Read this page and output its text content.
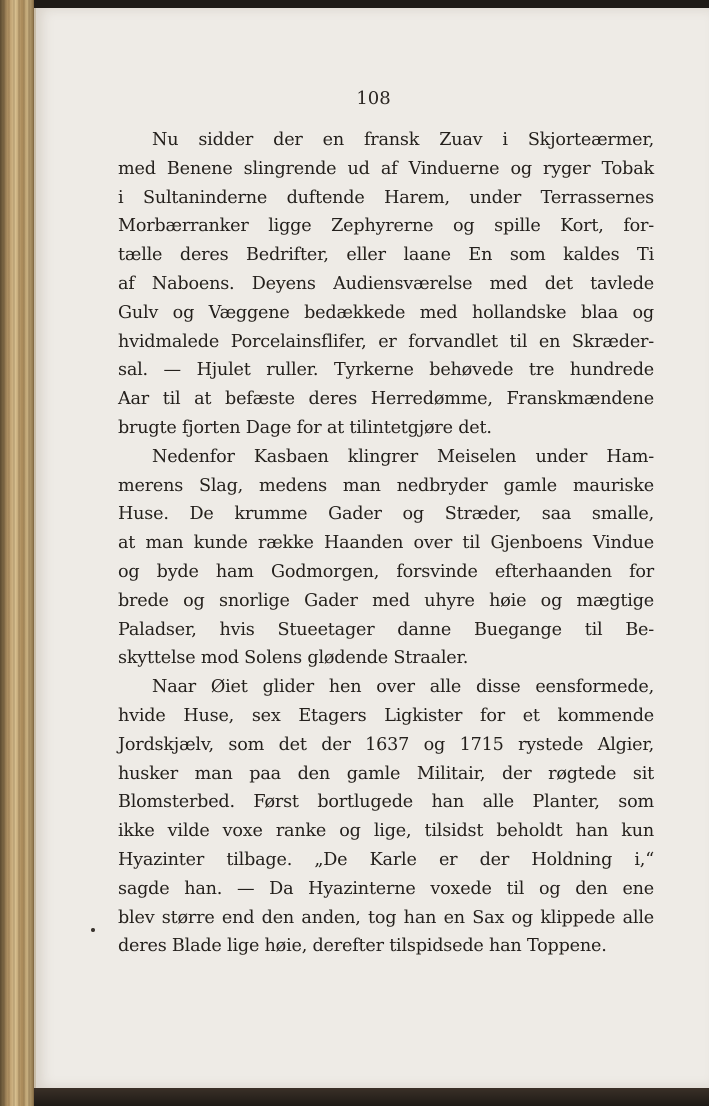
108
Nu sidder der en fransk Zuav i Skjorteærmer,
med Benene slingrende ud af Vinduerne og ryger Tobak
i Sultaninderne duftende Harem, under Terrassernes
Morbærranker ligge Zephyrerne og spille Kort, for-
tælle deres Bedrifter, eller laane En som kaldes Ti
af Naboens. Deyens Audiensværelse med det tavlede
Gulv og Væggene bedækkede med hollandske blaa og
hvidmalede Porcelainsflifer, er forvandlet til en Skræder-
sal. — Hjulet ruller. Tyrkerne behøvede tre hundrede
Aar til at befæste deres Herredømme, Franskmændene
brugte fjorten Dage for at tilintetgjøre det.
Nedenfor Kasbaen klingrer Meiselen under Ham-
merens Slag, medens man nedbryder gamle mauriske
Huse. De krumme Gader og Stræder, saa smalle,
at man kunde række Haanden over til Gjenboens Vindue
og byde ham Godmorgen, forsvinde efterhaanden for
brede og snorlige Gader med uhyre høie og mægtige
Paladser, hvis Stueetager danne Buegange til Be-
skyttelse mod Solens glødende Straaler.
Naar Øiet glider hen over alle disse eensformede,
hvide Huse, sex Etagers Ligkister for et kommende
Jordskjælv, som det der 1637 og 1715 rystede Algier,
husker man paa den gamle Militair, der røgtede sit
Blomsterbed. Først bortlugede han alle Planter, som
ikke vilde voxe ranke og lige, tilsidst beholdt han kun
Hyazinter tilbage. „De Karle er der Holdning i,“
sagde han. — Da Hyazinterne voxede til og den ene
blev større end den anden, tog han en Sax og klippede alle
deres Blade lige høie, derefter tilspidsede han Toppene.
